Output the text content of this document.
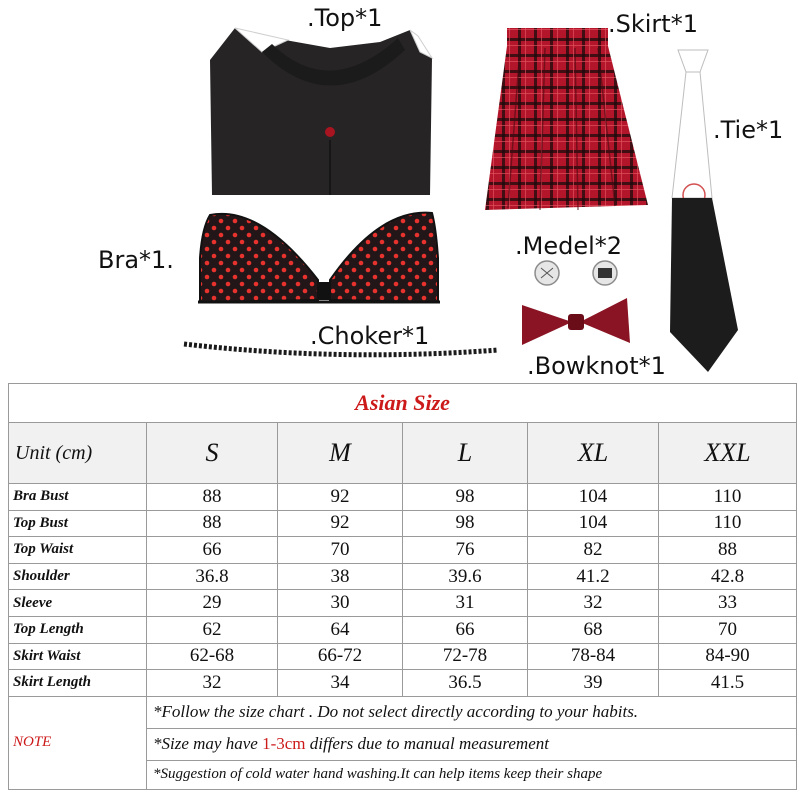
.Top*1	.Skirt*1
.Tie*1
Bra*1.	.Medel*2
.Choker*1
.Bowknot*1
Asian Size					
Unit (cm)	S	M	L	XL	XXL
Bra Bust	88	92	98	104	110
Top Bust	88	92	98	104	110
Top Waist	66	70	76	82	88
Shoulder	36.8	38	39.6	41.2	42.8
Sleeve	29	30	31	32	33
Top Length	62	64	66	68	70
Skirt Waist	62-68	66-72	72-78	78-84	84-90
Skirt Length	32	34	36.5	39	41.5
NOTE	*Follow the size chart . Do not select directly according to your habits.				
	*Size may have 1-3cm differs due to manual measurement				
	*Suggestion of cold water hand washing.It can help items keep their shape				
